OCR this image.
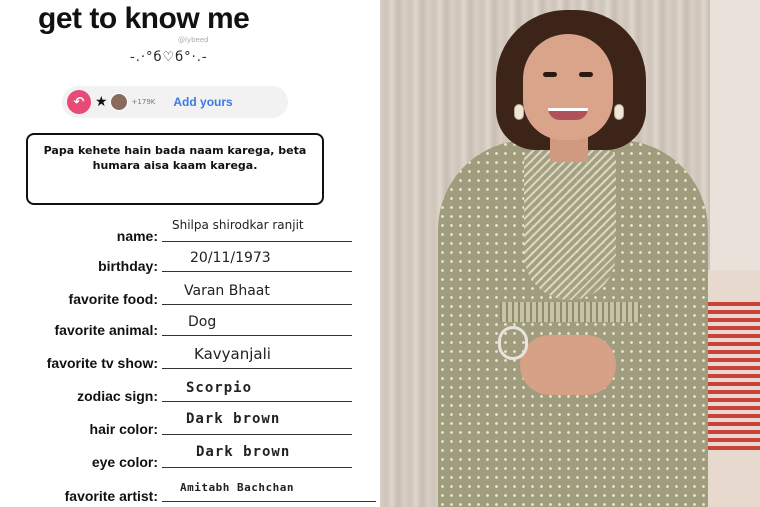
get to know me
@lybeed
-.·°б♡б°·.-
↶ ★	+179K Add yours
Papa kehete hain bada naam karega, beta humara aisa kaam karega.
name:
Shilpa shirodkar ranjit
birthday: 20/11/1973
favorite food: Varan Bhaat
favorite animal: Dog
favorite tv show: Kavyanjali
zodiac sign: Scorpio
hair color:
Dark brown
eye color:
Dark brown
favorite artist:
Amitabh Bachchan
